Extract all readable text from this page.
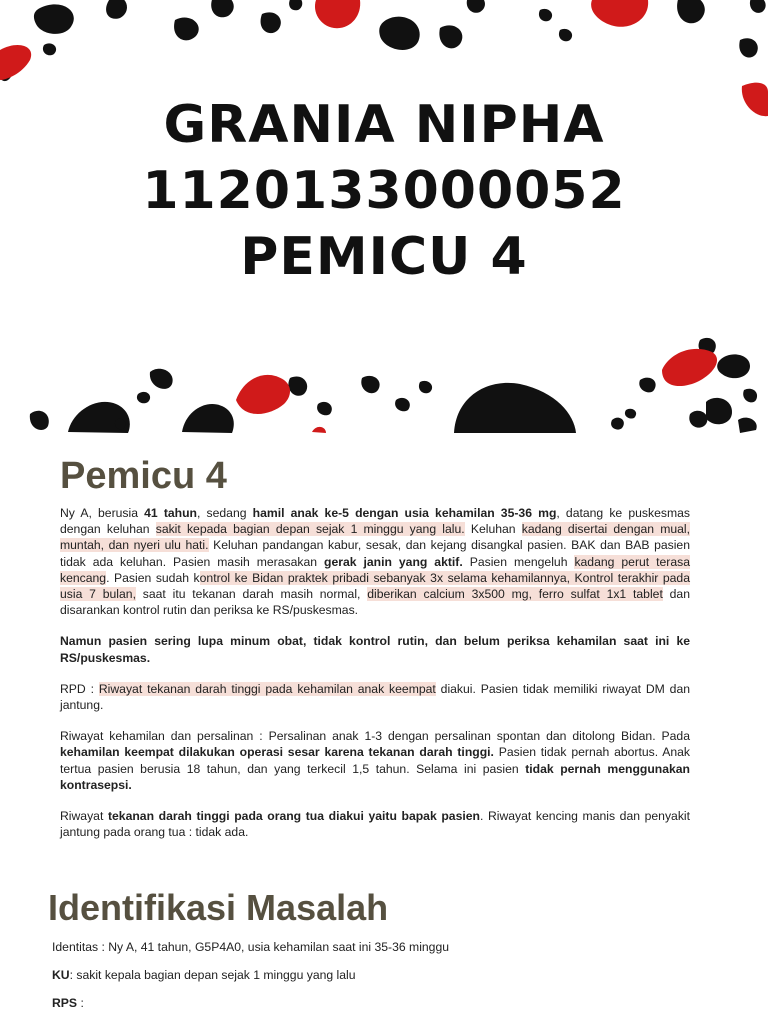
GRANIA NIPHA
1120133000052
PEMICU 4
Pemicu 4

Ny A, berusia 41 tahun, sedang hamil anak ke-5 dengan usia kehamilan 35-36 mg, datang ke puskesmas dengan keluhan sakit kepada bagian depan sejak 1 minggu yang lalu. Keluhan kadang disertai dengan mual, muntah, dan nyeri ulu hati. Keluhan pandangan kabur, sesak, dan kejang disangkal pasien. BAK dan BAB pasien tidak ada keluhan. Pasien masih merasakan gerak janin yang aktif. Pasien mengeluh kadang perut terasa kencang. Pasien sudah kontrol ke Bidan praktek pribadi sebanyak 3x selama kehamilannya, Kontrol terakhir pada usia 7 bulan, saat itu tekanan darah masih normal, diberikan calcium 3x500 mg, ferro sulfat 1x1 tablet dan disarankan kontrol rutin dan periksa ke RS/puskesmas.

Namun pasien sering lupa minum obat, tidak kontrol rutin, dan belum periksa kehamilan saat ini ke RS/puskesmas.

RPD : Riwayat tekanan darah tinggi pada kehamilan anak keempat diakui. Pasien tidak memiliki riwayat DM dan jantung.

Riwayat kehamilan dan persalinan : Persalinan anak 1-3 dengan persalinan spontan dan ditolong Bidan. Pada kehamilan keempat dilakukan operasi sesar karena tekanan darah tinggi. Pasien tidak pernah abortus. Anak tertua pasien berusia 18 tahun, dan yang terkecil 1,5 tahun. Selama ini pasien tidak pernah menggunakan kontrasepsi.

Riwayat tekanan darah tinggi pada orang tua diakui yaitu bapak pasien. Riwayat kencing manis dan penyakit jantung pada orang tua : tidak ada.

Identifikasi Masalah

Identitas : Ny A, 41 tahun, G5P4A0, usia kehamilan saat ini 35-36 minggu

KU: sakit kepala bagian depan sejak 1 minggu yang lalu

RPS :
